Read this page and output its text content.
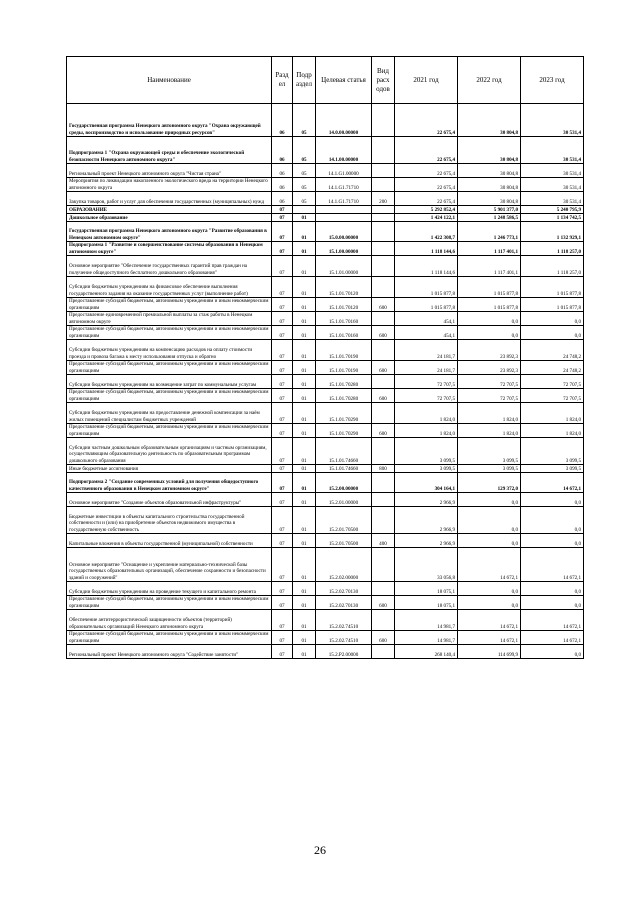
Наименование	Разд ел	Подр аздел	Целевая статья	Вид расх одов	2021 год	2022 год	2023 год
Государственная программа Ненецкого автономного округа "Охрана окружающей среды, воспроизводство и использование природных ресурсов"	06	05	14.0.00.00000		22 675,4	30 804,8	30 531,4
Подпрограмма 1 "Охрана окружающей среды и обеспечение экологической безопасности Ненецкого автономного округа"	06	05	14.1.00.00000		22 675,4	30 804,8	30 531,4
Региональный проект Ненецкого автономного округа "Чистая страна"	06	05	14.1.G1.00000		22 675,4	30 804,8	30 531,4
Мероприятия по ликвидации накопленного экологического вреда на территории Ненецкого автономного округа	06	05	14.1.G1.71710		22 675,4	30 804,8	30 531,4
Закупка товаров, работ и услуг для обеспечения государственных (муниципальных) нужд	06	05	14.1.G1.71710	200	22 675,4	30 804,8	30 531,4
ОБРАЗОВАНИЕ	07				5 292 852,4	5 901 377,0	5 240 795,9
Дошкольное образование	07	01			1 424 122,1	1 248 586,5	1 134 742,5
Государственная программа Ненецкого автономного округа "Развитие образования в Ненецком автономном округе"	07	01	15.0.00.00000		1 422 308,7	1 246 773,1	1 132 929,1
Подпрограмма 1 "Развитие и совершенствование системы образования в Ненецком автономном округе"	07	01	15.1.00.00000		1 118 144,6	1 117 401,1	1 118 257,0
Основное мероприятие "Обеспечение государственных гарантий прав граждан на получение общедоступного бесплатного дошкольного образования"	07	01	15.1.01.00000		1 118 144,6	1 117 401,1	1 118 257,0
Субсидии бюджетным учреждениям на финансовое обеспечение выполнения государственного задания на оказание государственных услуг (выполнение работ)	07	01	15.1.01.70120		1 015 877,8	1 015 877,8	1 015 877,8
Предоставление субсидий бюджетным, автономным учреждениям и иным некоммерческим организациям	07	01	15.1.01.70120	600	1 015 877,8	1 015 877,8	1 015 877,8
Предоставление единовременной премиальной выплаты за стаж работы в Ненецком автономном округе	07	01	15.1.01.70160		454,1	0,0	0,0
Предоставление субсидий бюджетным, автономным учреждениям и иным некоммерческим организациям	07	01	15.1.01.70160	600	454,1	0,0	0,0
Субсидии бюджетным учреждениям на компенсацию расходов на оплату стоимости проезда и провоза багажа к месту использования отпуска и обратно	07	01	15.1.01.70190		24 181,7	23 892,3	24 748,2
Предоставление субсидий бюджетным, автономным учреждениям и иным некоммерческим организациям	07	01	15.1.01.70190	600	24 181,7	23 892,3	24 748,2
Субсидии бюджетным учреждениям на возмещение затрат по коммунальным услугам	07	01	15.1.01.70280		72 707,5	72 707,5	72 707,5
Предоставление субсидий бюджетным, автономным учреждениям и иным некоммерческим организациям	07	01	15.1.01.70280	600	72 707,5	72 707,5	72 707,5
Субсидии бюджетным учреждениям на предоставление денежной компенсации за наём жилых помещений специалистам бюджетных учреждений	07	01	15.1.01.70290		1 824,0	1 824,0	1 824,0
Предоставление субсидий бюджетным, автономным учреждениям и иным некоммерческим организациям	07	01	15.1.01.70290	600	1 824,0	1 824,0	1 824,0
Субсидии частным дошкольным образовательным организациям и частным организациям, осуществляющим образовательную деятельность по образовательным программам дошкольного образования	07	01	15.1.01.74660		3 099,5	3 099,5	3 099,5
Иные бюджетные ассигнования	07	01	15.1.01.74660	800	3 099,5	3 099,5	3 099,5
Подпрограмма 2 "Создание современных условий для получения общедоступного качественного образования в Ненецком автономном округе"	07	01	15.2.00.00000		304 164,1	129 372,0	14 672,1
Основное мероприятие "Создание объектов образовательной инфраструктуры"	07	01	15.2.01.00000		2 966,9	0,0	0,0
Бюджетные инвестиции в объекты капитального строительства государственной собственности и (или) на приобретение объектов недвижимого имущества в государственную собственность	07	01	15.2.01.70500		2 966,9	0,0	0,0
Капитальные вложения в объекты государственной (муниципальной) собственности	07	01	15.2.01.70500	400	2 966,9	0,0	0,0
Основное мероприятие "Оснащение и укрепление материально-технической базы государственных образовательных организаций, обеспечение сохранности и безопасности зданий и сооружений"	07	01	15.2.02.00000		33 056,8	14 672,1	14 672,1
Субсидии бюджетным учреждениям на проведение текущего и капитального ремонта	07	01	15.2.02.70130		18 075,1	0,0	0,0
Предоставление субсидий бюджетным, автономным учреждениям и иным некоммерческим организациям	07	01	15.2.02.70130	600	18 075,1	0,0	0,0
Обеспечение антитеррористической защищенности объектов (территорий) образовательных организаций Ненецкого автономного округа	07	01	15.2.02.74510		14 981,7	14 672,1	14 672,1
Предоставление субсидий бюджетным, автономным учреждениям и иным некоммерческим организациям	07	01	15.2.02.74510	600	14 981,7	14 672,1	14 672,1
Региональный проект Ненецкого автономного округа "Содействие занятости"	07	01	15.2.P2.00000		268 140,4	114 699,9	0,0
26
